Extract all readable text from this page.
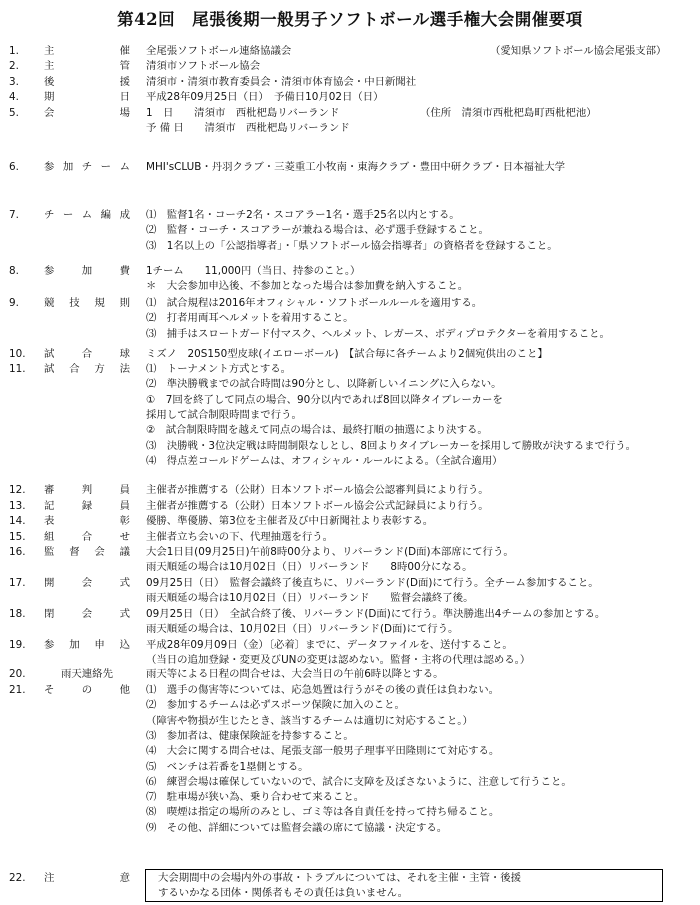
第42回　尾張後期一般男子ソフトボール選手権大会開催要項
1.	主	催 全尾張ソフトボール連絡協議会	（愛知県ソフトボール協会尾張支部）
2.	主	管 清須市ソフトボール協会
3.	後	援 清須市・清須市教育委員会・清須市体育協会・中日新聞社
4.	期	日 平成28年09月25日（日）　予備日10月02日（日）
5.	会	場 1　日　　清須市　西枇杷島リバーランド	（住所　清須市西枇杷島町西枇杷池）
予 備 日　　清須市　西枇杷島リバーランド
6.	参 加 チ ー ム MHI'sCLUB・丹羽クラブ・三菱重工小牧南・東海クラブ・豊田中研クラブ・日本福祉大学
7.	チ ー ム 編 成 ⑴　監督1名・コーチ2名・スコアラー1名・選手25名以内とする。
⑵　監督・コーチ・スコアラーが兼ねる場合は、必ず選手登録すること。
⑶　1名以上の「公認指導者」・「県ソフトボール協会指導者」の資格者を登録すること。
8.	参	加	費 1チーム　　11,000円（当日、持参のこと。）
＊　大会参加申込後、不参加となった場合は参加費を納入すること。
9.	競 技 規 則 ⑴　試合規程は2016年オフィシャル・ソフトボールルールを適用する。
⑵　打者用両耳ヘルメットを着用すること。
⑶　捕手はスロートガード付マスク、ヘルメット、レガース、ボディプロテクターを着用すること。
10.	試	合	球 ミズノ　20S150型皮球(イエローボール)　【試合毎に各チームより2個宛供出のこと】
11.	試 合 方 法 ⑴　トーナメント方式とする。
⑵　準決勝戦までの試合時間は90分とし、以降新しいイニングに入らない。
①　7回を終了して同点の場合、90分以内であれば8回以降タイブレーカーを
採用して試合制限時間まで行う。
②　試合制限時間を越えて同点の場合は、最終打順の抽選により決する。
⑶　決勝戦・3位決定戦は時間制限なしとし、8回よりタイブレーカーを採用して勝敗が決するまで行う。
⑷　得点差コールドゲームは、オフィシャル・ルールによる。（全試合適用）
12.	審	判	員 主催者が推薦する（公財）日本ソフトボール協会公認審判員により行う。
13.	記	録	員 主催者が推薦する（公財）日本ソフトボール協会公式記録員により行う。
14.	表	彰 優勝、準優勝、第3位を主催者及び中日新聞社より表彰する。
15.	組	合	せ 主催者立ち会いの下、代理抽選を行う。
16.	監 督 会 議 大会1日目(09月25日)午前8時00分より、リバーランド(D面)本部席にて行う。
雨天順延の場合は10月02日（日）リバーランド　　8時00分になる。
17.	開	会	式 09月25日（日）　監督会議終了後直ちに、リバーランド(D面)にて行う。全チーム参加すること。
雨天順延の場合は10月02日（日）リバーランド　　監督会議終了後。
18.	閉	会	式 09月25日（日）　全試合終了後、リバーランド(D面)にて行う。準決勝進出4チームの参加とする。
雨天順延の場合は、10月02日（日）リバーランド(D面)にて行う。
19.	参 加 申 込 平成28年09月09日（金）〔必着〕までに、データファイルを、送付すること。
（当日の追加登録・変更及びUNの変更は認めない。監督・主将の代理は認める。）
20.	雨天連絡先	雨天等による日程の問合せは、大会当日の午前6時以降とする。
21.	そ	の	他 ⑴　選手の傷害等については、応急処置は行うがその後の責任は負わない。
⑵　参加するチームは必ずスポーツ保険に加入のこと。
（障害や物損が生じたとき、該当するチームは適切に対応すること。）
⑶　参加者は、健康保険証を持参すること。
⑷　大会に関する問合せは、尾張支部一般男子理事平田隆則にて対応する。
⑸　ベンチは若番を1塁側とする。
⑹　練習会場は確保していないので、試合に支障を及ぼさないように、注意して行うこと。
⑺　駐車場が狭い為、乗り合わせて来ること。
⑻　喫煙は指定の場所のみとし、ゴミ等は各自責任を持って持ち帰ること。
⑼　その他、詳細については監督会議の席にて協議・決定する。
22.	注	意	大会期間中の会場内外の事故・トラブルについては、それを主催・主管・後援
するいかなる団体・関係者もその責任は負いません。
